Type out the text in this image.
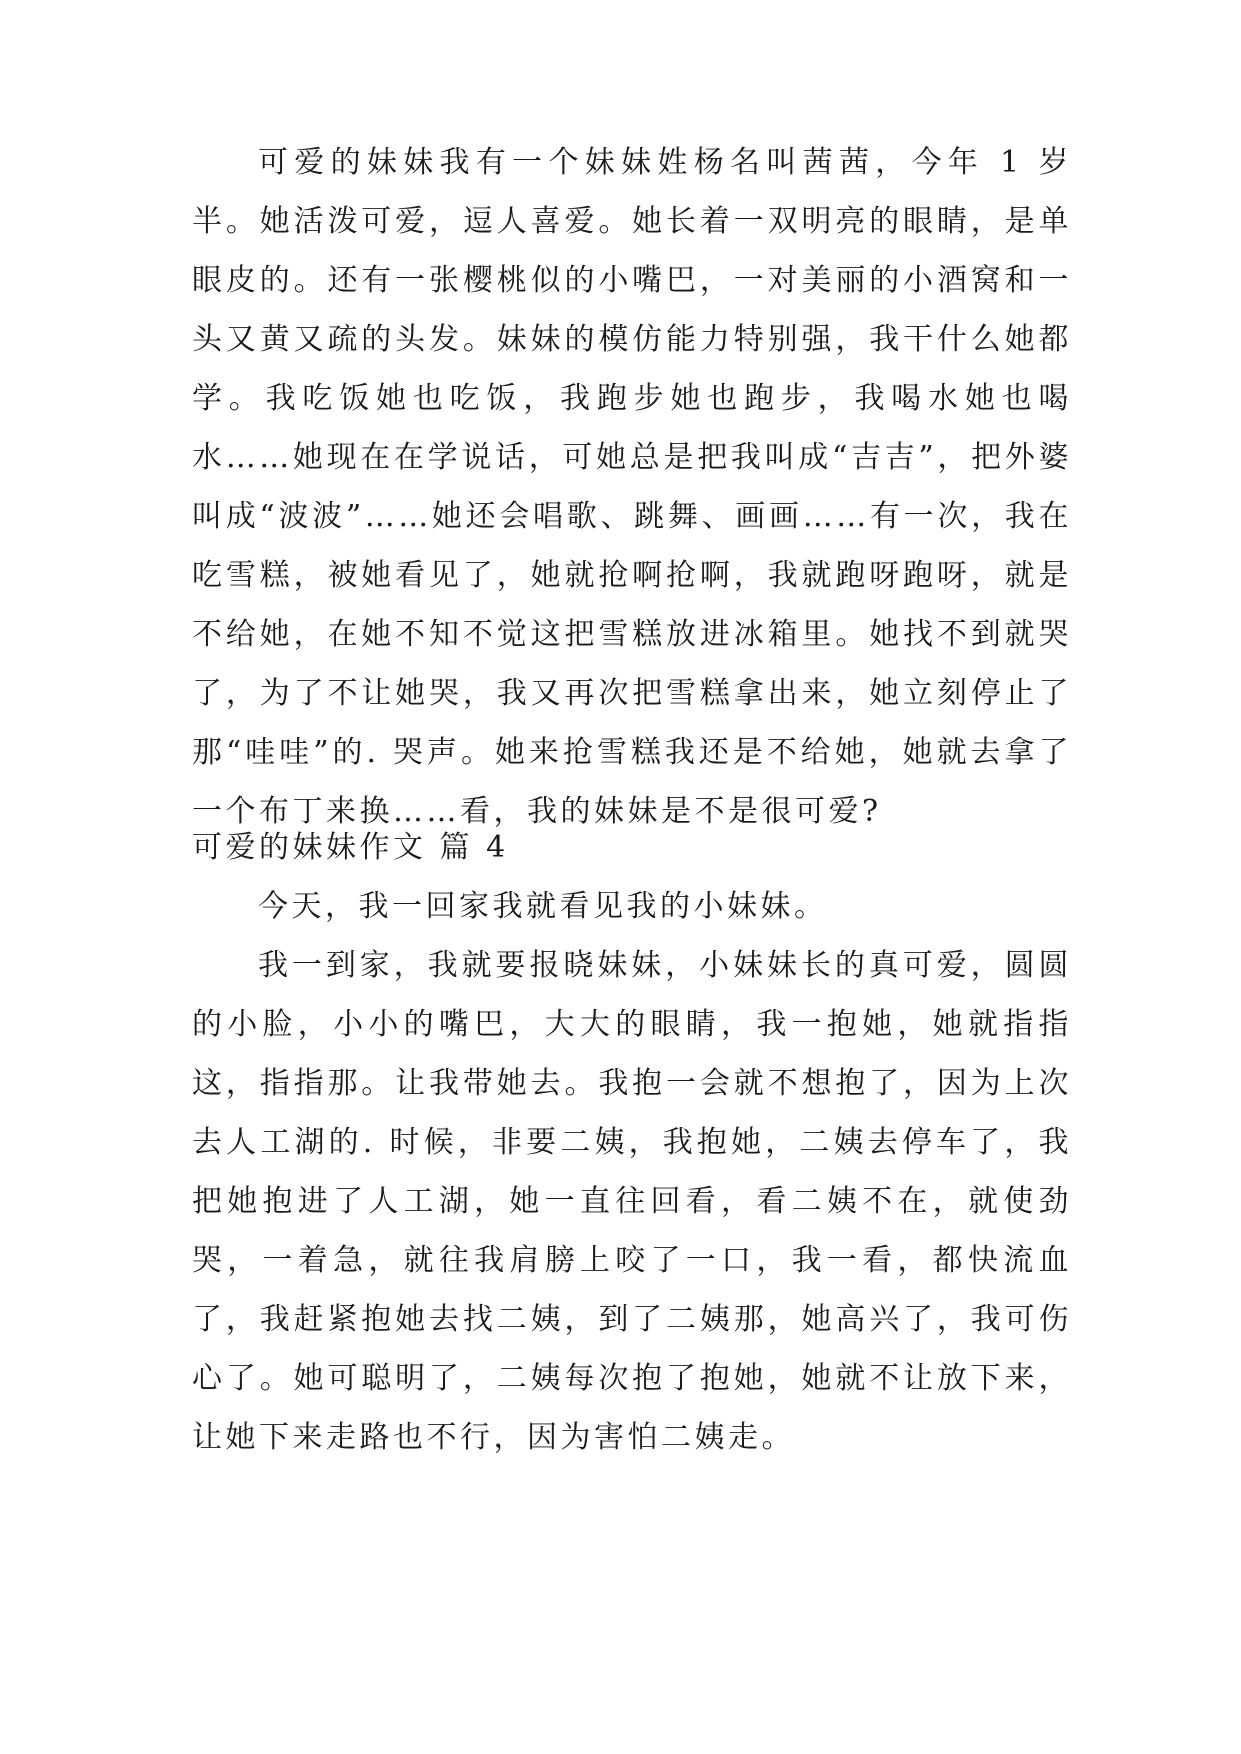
可爱的妹妹我有一个妹妹姓杨名叫茜茜，今年 1 岁半。她活泼可爱，逗人喜爱。她长着一双明亮的眼睛，是单眼皮的。还有一张樱桃似的小嘴巴，一对美丽的小酒窝和一头又黄又疏的头发。妹妹的模仿能力特别强，我干什么她都学。我吃饭她也吃饭，我跑步她也跑步，我喝水她也喝水……她现在在学说话，可她总是把我叫成“吉吉”，把外婆叫成“波波”……她还会唱歌、跳舞、画画……有一次，我在吃雪糕，被她看见了，她就抢啊抢啊，我就跑呀跑呀，就是不给她，在她不知不觉这把雪糕放进冰箱里。她找不到就哭了，为了不让她哭，我又再次把雪糕拿出来，她立刻停止了那“哇哇”的. 哭声。她来抢雪糕我还是不给她，她就去拿了一个布丁来换……看，我的妹妹是不是很可爱?

可爱的妹妹作文 篇 4

今天，我一回家我就看见我的小妹妹。

我一到家，我就要报晓妹妹，小妹妹长的真可爱，圆圆的小脸，小小的嘴巴，大大的眼睛，我一抱她，她就指指这，指指那。让我带她去。我抱一会就不想抱了，因为上次去人工湖的. 时候，非要二姨，我抱她，二姨去停车了，我把她抱进了人工湖，她一直往回看，看二姨不在，就使劲哭，一着急，就往我肩膀上咬了一口，我一看，都快流血了，我赶紧抱她去找二姨，到了二姨那，她高兴了，我可伤心了。她可聪明了，二姨每次抱了抱她，她就不让放下来，让她下来走路也不行，因为害怕二姨走。
